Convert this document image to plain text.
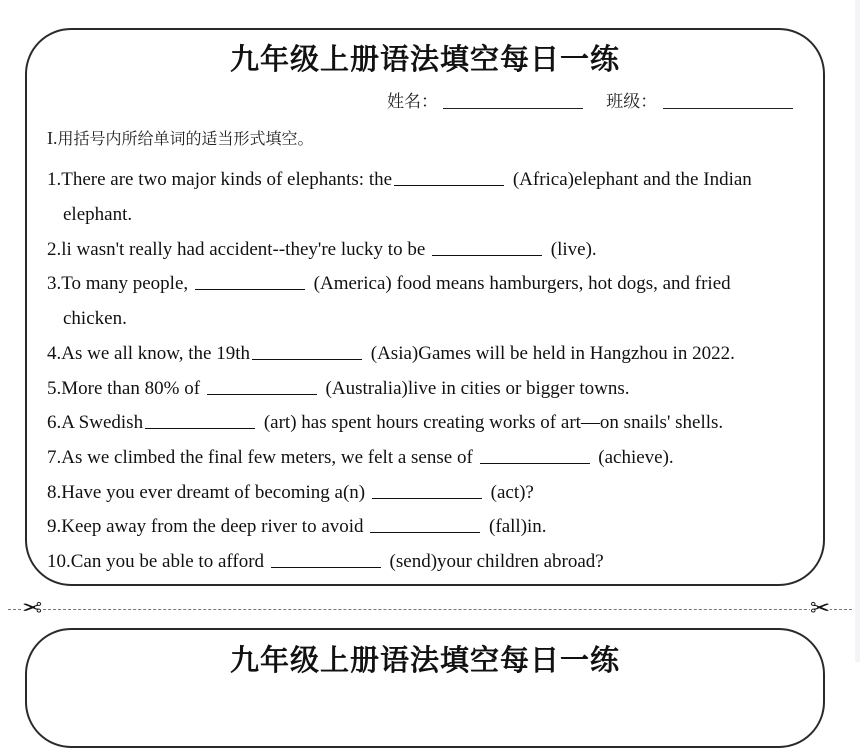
九年级上册语法填空每日一练
姓名：	班级：
I.用括号内所给单词的适当形式填空。
1.There are two major kinds of elephants: the	(Africa)elephant and the Indian
elephant.
2.li wasn't really had accident--they're lucky to be	(live).
3.To many people,	(America) food means hamburgers, hot dogs, and fried
chicken.
4.As we all know, the 19th	(Asia)Games will be held in Hangzhou in 2022.
5.More than 80% of	(Australia)live in cities or bigger towns.
6.A Swedish	(art) has spent hours creating works of art—on snails' shells.
7.As we climbed the final few meters, we felt a sense of	(achieve).
8.Have you ever dreamt of becoming a(n)	(act)?
9.Keep away from the deep river to avoid	(fall)in.
10.Can you be able to afford	(send)your children abroad?
✂	✂
九年级上册语法填空每日一练
